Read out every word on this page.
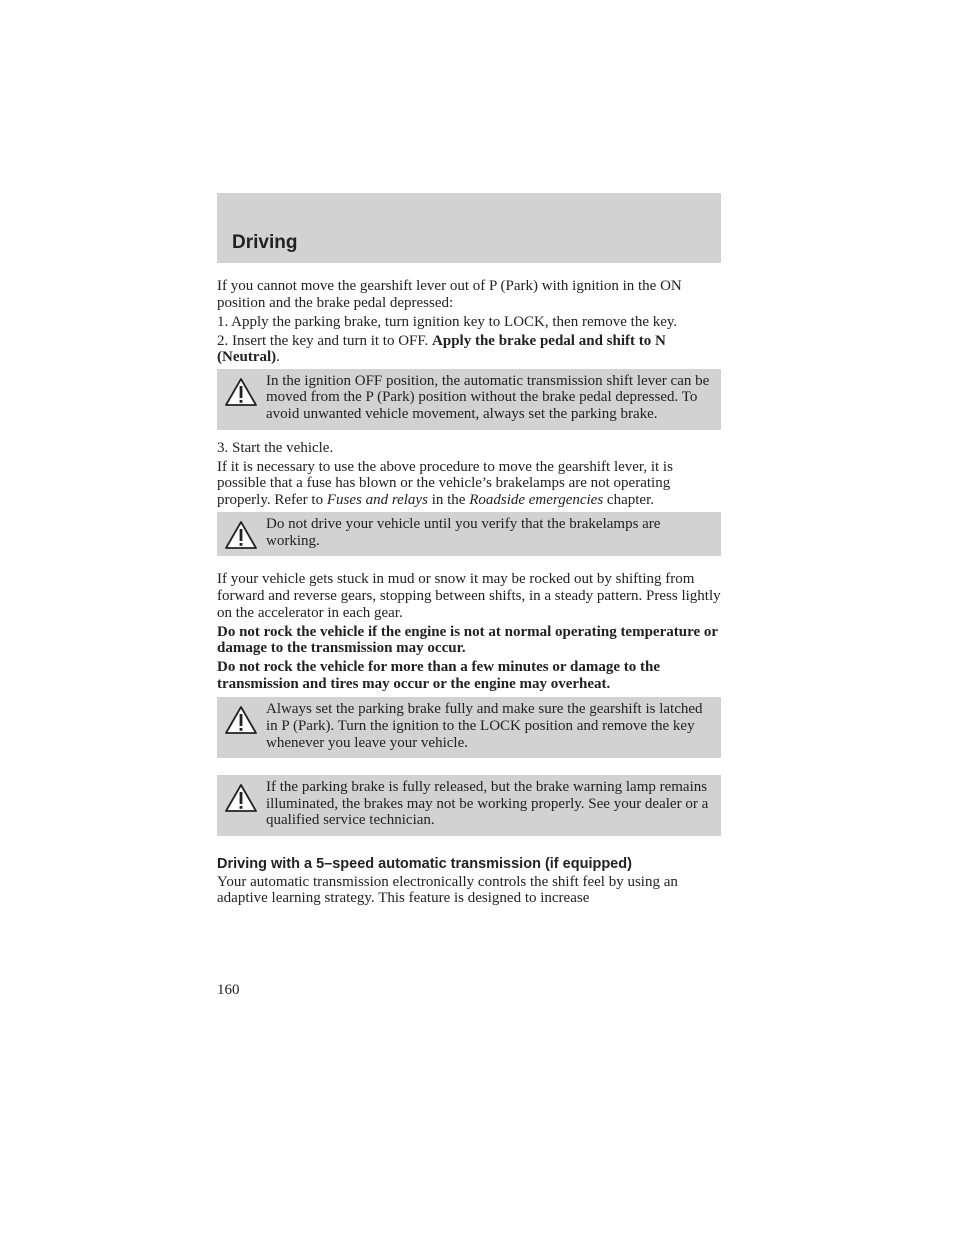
Driving

If you cannot move the gearshift lever out of P (Park) with ignition in the ON position and the brake pedal depressed:

1. Apply the parking brake, turn ignition key to LOCK, then remove the key.

2. Insert the key and turn it to OFF. Apply the brake pedal and shift to N (Neutral).

In the ignition OFF position, the automatic transmission shift lever can be moved from the P (Park) position without the brake pedal depressed. To avoid unwanted vehicle movement, always set the parking brake.

3. Start the vehicle.

If it is necessary to use the above procedure to move the gearshift lever, it is possible that a fuse has blown or the vehicle’s brakelamps are not operating properly. Refer to Fuses and relays in the Roadside emergencies chapter.

Do not drive your vehicle until you verify that the brakelamps are working.

If your vehicle gets stuck in mud or snow it may be rocked out by shifting from forward and reverse gears, stopping between shifts, in a steady pattern. Press lightly on the accelerator in each gear.

Do not rock the vehicle if the engine is not at normal operating temperature or damage to the transmission may occur.

Do not rock the vehicle for more than a few minutes or damage to the transmission and tires may occur or the engine may overheat.

Always set the parking brake fully and make sure the gearshift is latched in P (Park). Turn the ignition to the LOCK position and remove the key whenever you leave your vehicle.

If the parking brake is fully released, but the brake warning lamp remains illuminated, the brakes may not be working properly. See your dealer or a qualified service technician.

Driving with a 5–speed automatic transmission (if equipped)

Your automatic transmission electronically controls the shift feel by using an adaptive learning strategy. This feature is designed to increase

160
